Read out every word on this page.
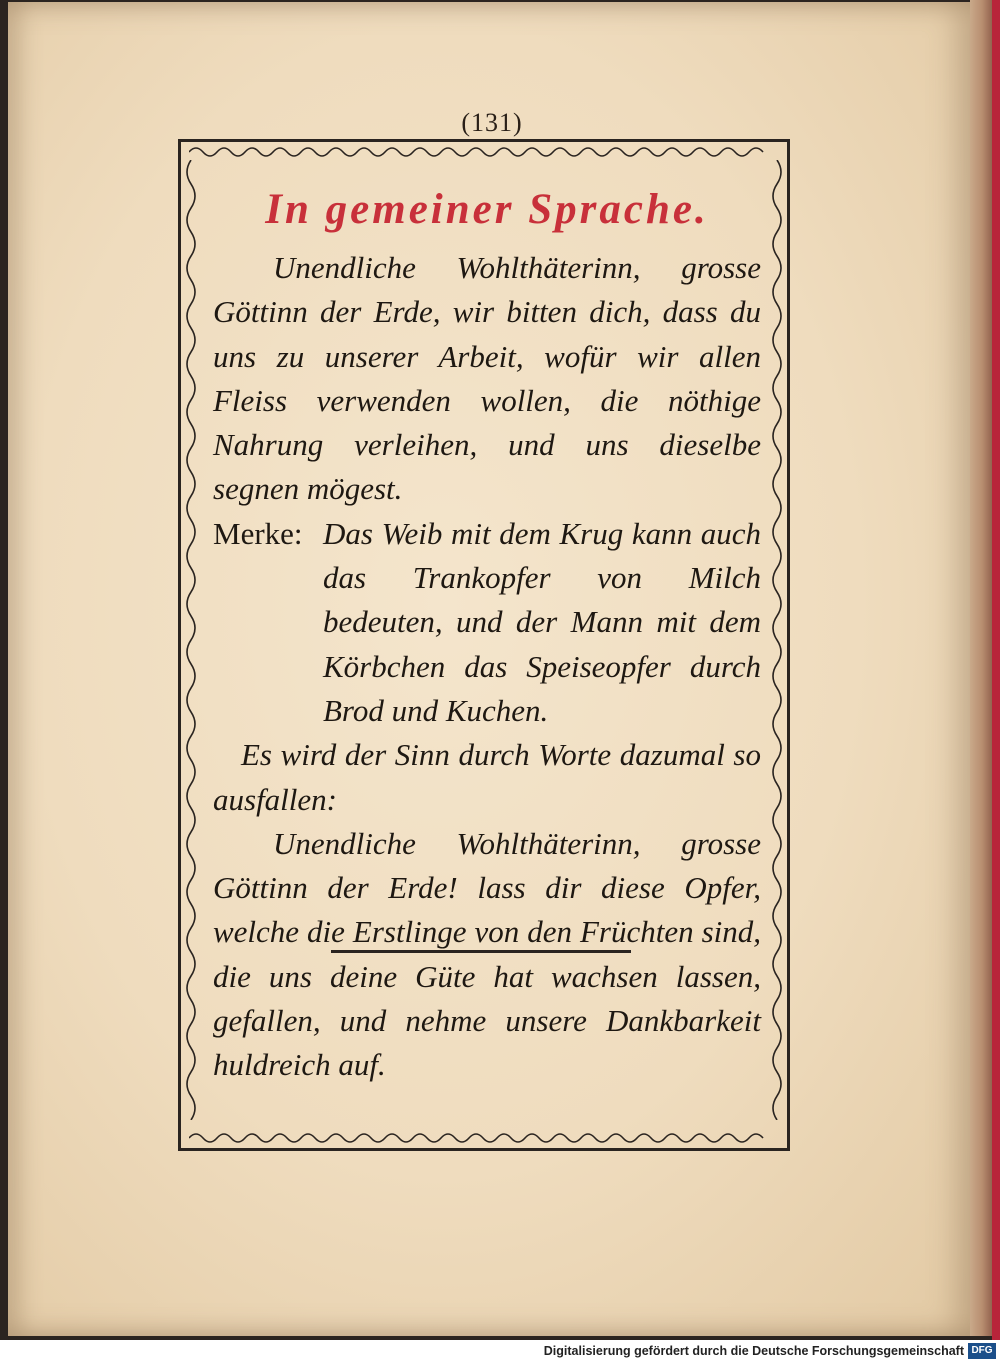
(131)
In gemeiner Sprache.

Unendliche Wohlthäterinn, grosse Göttinn der Erde, wir bitten dich, dass du uns zu unserer Arbeit, wofür wir allen Fleiss verwenden wollen, die nöthige Nahrung verleihen, und uns dieselbe segnen mögest.

Merke: Das Weib mit dem Krug kann auch das Trankopfer von Milch bedeuten, und der Mann mit dem Körbchen das Speiseopfer durch Brod und Kuchen.

Es wird der Sinn durch Worte dazumal so ausfallen:

Unendliche Wohlthäterinn, grosse Göttinn der Erde! lass dir diese Opfer, welche die Erstlinge von den Früchten sind, die uns deine Güte hat wachsen lassen, gefallen, und nehme unsere Dankbarkeit huldreich auf.

Digitalisierung gefördert durch die Deutsche Forschungsgemeinschaft DFG
